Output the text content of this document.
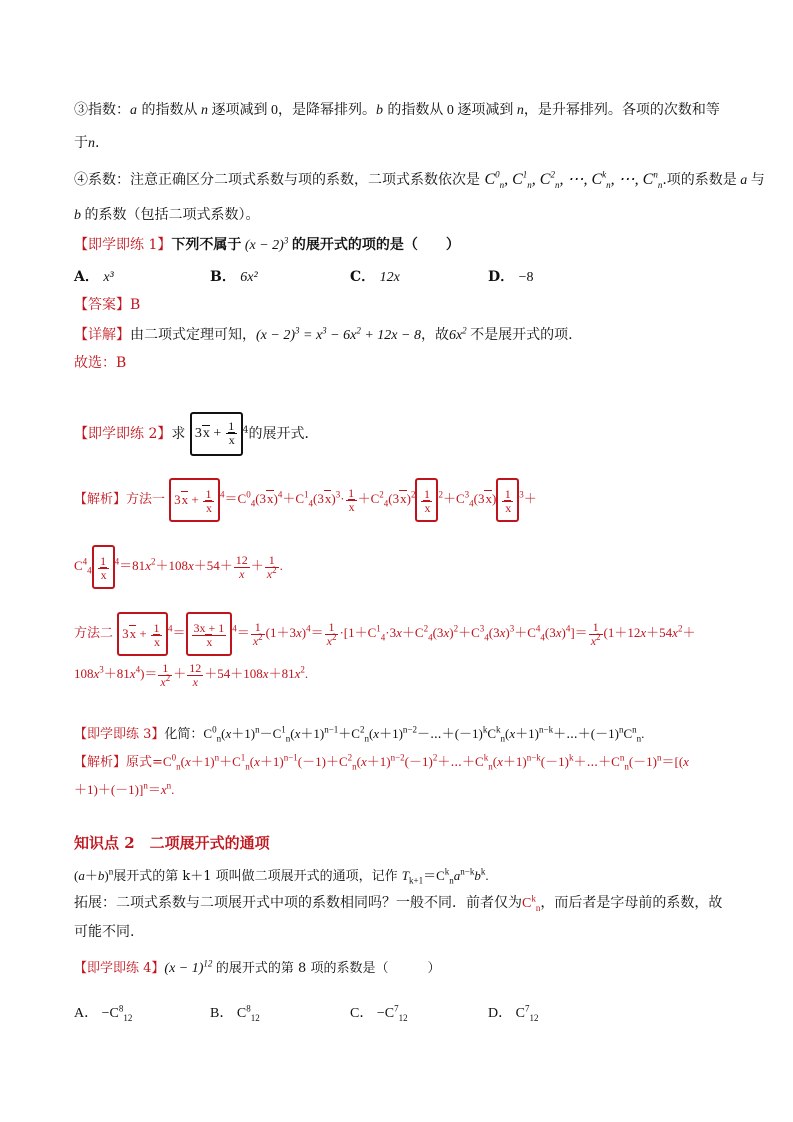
③指数：a 的指数从 n 逐项减到 0，是降幂排列。b 的指数从 0 逐项减到 n，是升幂排列。各项的次数和等
于n.
④系数：注意正确区分二项式系数与项的系数，二项式系数依次是 $C^0_n$, $C^1_n$, $C^2_n$, ⋯, $C^k_n$, ⋯, $C^n_n$.项的系数是 a 与
b 的系数（包括二项式系数）。
【即学即练 1】下列不属于 $(x - 2)^3$ 的展开式的项的是（　　）
A． x³	B． 6x²	C． 12x	D． −8
【答案】B
【详解】由二项式定理可知，$(x - 2)^3 = x^3 - 6x^2 + 12x - 8$，故$6x^2$ 不是展开式的项.
故选：B
【即学即练 2】求 $3x + \frac{1}{x} ^4$的展开式．
【解析】方法一 $3x + \frac{1}{x} ^4=C^0_4(3x)^4+C^1_4(3x)^3\cdot \frac{1}{x} +C^2_4(3x)^2 \frac{1}{x} ^2+C^3_4(3x) \frac{1}{x} ^3+$
$C^4_4 \frac{1}{x} ^4=81x^2+108x+54+ \frac{12}{x} + \frac{1}{x^2}$ .
方法二 $3x + \frac{1}{x} ^4= \frac{3x + 1}{x} ^4= \frac{1}{x^2} (1+3x)^4= \frac{1}{x^2} \cdot[1+C^1_4\cdot 3x+C^2_4(3x)^2+C^3_4(3x)^3+C^4_4(3x)^4]= \frac{1}{x^2} (1+12x+54x^2+$
$108x^3+81x^4)= \frac{1}{x^2} + \frac{12}{x} +54+108x+81x^2$.
【即学即练 3】化简：$C^0_n(x+1)^n-C^1_n(x+1)^{n-1}+C^2_n(x+1)^{n-2}-\cdots+(-1)^kC^k_n(x+1)^{n-k}+\cdots+(-1)^nC^n_n$.
【解析】原式$=C^0_n(x+1)^n+C^1_n(x+1)^{n-1}(-1)+C^2_n(x+1)^{n-2}(-1)^2+\cdots+C^k_n(x+1)^{n-k}(-1)^k+\cdots+C^n_n(-1)^n=[(x$
$+1)+(-1)]^n=x^n$.
知识点 2　二项展开式的通项
$(a+b)^n$展开式的第 k＋1 项叫做二项展开式的通项，记作 $T_{k+1}=C^k_na^{n-k}b^k$.
拓展：二项式系数与二项展开式中项的系数相同吗？一般不同．前者仅为$C^k_n$，而后者是字母前的系数，故
可能不同.
【即学即练 4】$(x - 1)^{12}$ 的展开式的第 8 项的系数是（　　　）
A． $-C^8_{12}$	B． $C^8_{12}$	C． $-C^7_{12}$	D． $C^7_{12}$
